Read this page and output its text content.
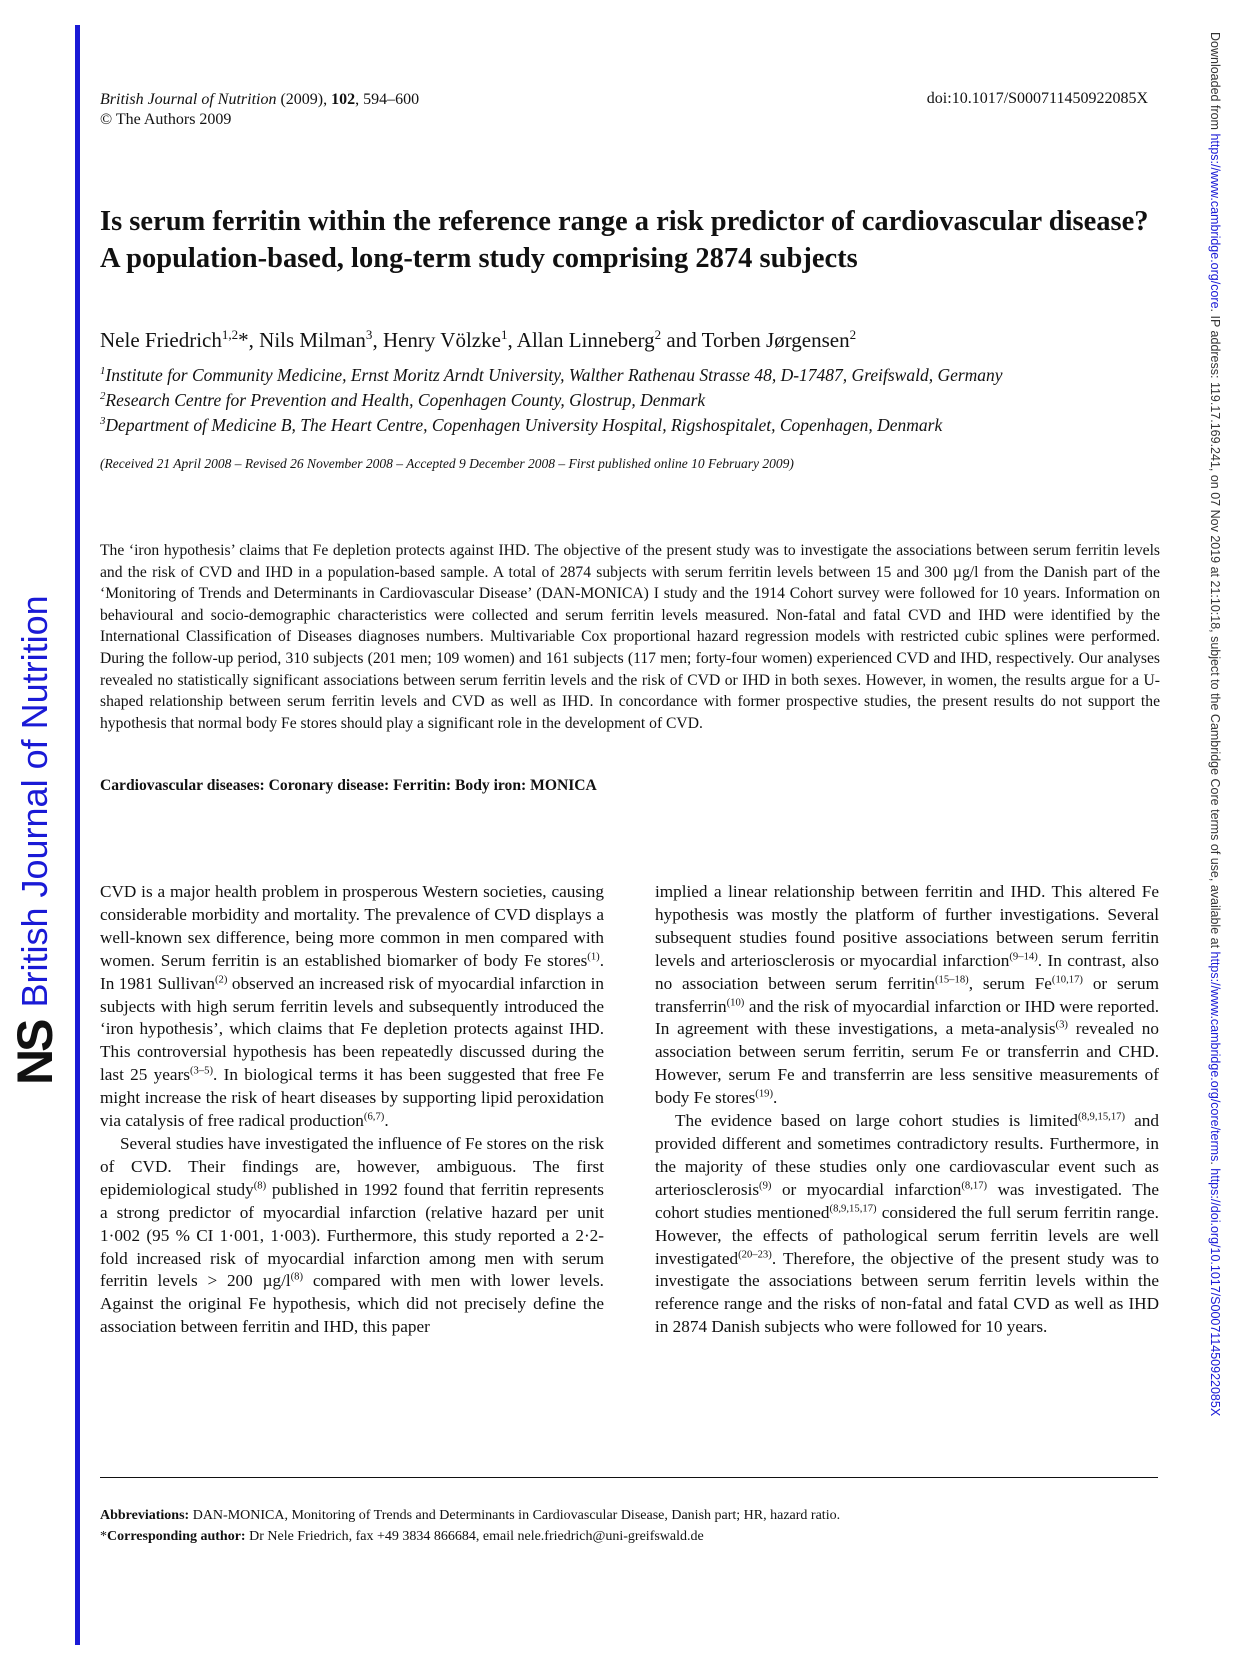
NS
British Journal of Nutrition
Downloaded from https://www.cambridge.org/core. IP address: 119.17.169.241, on 07 Nov 2019 at 21:10:18, subject to the Cambridge Core terms of use, available at https://www.cambridge.org/core/terms. https://doi.org/10.1017/S000711450922085X
British Journal of Nutrition (2009), 102, 594–600
© The Authors 2009
doi:10.1017/S000711450922085X
Is serum ferritin within the reference range a risk predictor of cardiovascular disease? A population-based, long-term study comprising 2874 subjects
Nele Friedrich$^{1,2}$*, Nils Milman$^3$, Henry Völzke$^1$, Allan Linneberg$^2$ and Torben Jørgensen$^2$
$^1$Institute for Community Medicine, Ernst Moritz Arndt University, Walther Rathenau Strasse 48, D-17487, Greifswald, Germany
$^2$Research Centre for Prevention and Health, Copenhagen County, Glostrup, Denmark
$^3$Department of Medicine B, The Heart Centre, Copenhagen University Hospital, Rigshospitalet, Copenhagen, Denmark
(Received 21 April 2008 – Revised 26 November 2008 – Accepted 9 December 2008 – First published online 10 February 2009)
The ‘iron hypothesis’ claims that Fe depletion protects against IHD. The objective of the present study was to investigate the associations between serum ferritin levels and the risk of CVD and IHD in a population-based sample. A total of 2874 subjects with serum ferritin levels between 15 and 300 µg/l from the Danish part of the ‘Monitoring of Trends and Determinants in Cardiovascular Disease’ (DAN-MONICA) I study and the 1914 Cohort survey were followed for 10 years. Information on behavioural and socio-demographic characteristics were collected and serum ferritin levels measured. Non-fatal and fatal CVD and IHD were identified by the International Classification of Diseases diagnoses numbers. Multivariable Cox proportional hazard regression models with restricted cubic splines were performed. During the follow-up period, 310 subjects (201 men; 109 women) and 161 subjects (117 men; forty-four women) experienced CVD and IHD, respectively. Our analyses revealed no statistically significant associations between serum ferritin levels and the risk of CVD or IHD in both sexes. However, in women, the results argue for a U-shaped relationship between serum ferritin levels and CVD as well as IHD. In concordance with former prospective studies, the present results do not support the hypothesis that normal body Fe stores should play a significant role in the development of CVD.
Cardiovascular diseases: Coronary disease: Ferritin: Body iron: MONICA

CVD is a major health problem in prosperous Western societies, causing considerable morbidity and mortality. The prevalence of CVD displays a well-known sex difference, being more common in men compared with women. Serum ferritin is an established biomarker of body Fe stores$^{(1)}$. In 1981 Sullivan$^{(2)}$ observed an increased risk of myocardial infarction in subjects with high serum ferritin levels and subsequently introduced the ‘iron hypothesis’, which claims that Fe depletion protects against IHD. This controversial hypothesis has been repeatedly discussed during the last 25 years$^{(3-5)}$. In biological terms it has been suggested that free Fe might increase the risk of heart diseases by supporting lipid peroxidation via catalysis of free radical production$^{(6,7)}$.

Several studies have investigated the influence of Fe stores on the risk of CVD. Their findings are, however, ambiguous. The first epidemiological study$^{(8)}$ published in 1992 found that ferritin represents a strong predictor of myocardial infarction (relative hazard per unit 1·002 (95 % CI 1·001, 1·003). Furthermore, this study reported a 2·2-fold increased risk of myocardial infarction among men with serum ferritin levels > 200 $\mu g/l^{(8)}$ compared with men with lower levels. Against the original Fe hypothesis, which did not precisely define the association between ferritin and IHD, this paper

implied a linear relationship between ferritin and IHD. This altered Fe hypothesis was mostly the platform of further investigations. Several subsequent studies found positive associations between serum ferritin levels and arteriosclerosis or myocardial infarction$^{(9-14)}$. In contrast, also no association between serum ferritin$^{(15-18)}$, serum Fe$^{(10,17)}$ or serum transferrin$^{(10)}$ and the risk of myocardial infarction or IHD were reported. In agreement with these investigations, a meta-analysis$^{(3)}$ revealed no association between serum ferritin, serum Fe or transferrin and CHD. However, serum Fe and transferrin are less sensitive measurements of body Fe stores$^{(19)}$.

The evidence based on large cohort studies is limited$^{(8,9,15,17)}$ and provided different and sometimes contradictory results. Furthermore, in the majority of these studies only one cardiovascular event such as arteriosclerosis$^{(9)}$ or myocardial infarction$^{(8,17)}$ was investigated. The cohort studies mentioned$^{(8,9,15,17)}$ considered the full serum ferritin range. However, the effects of pathological serum ferritin levels are well investigated$^{(20-23)}$. Therefore, the objective of the present study was to investigate the associations between serum ferritin levels within the reference range and the risks of non-fatal and fatal CVD as well as IHD in 2874 Danish subjects who were followed for 10 years.

Abbreviations: DAN-MONICA, Monitoring of Trends and Determinants in Cardiovascular Disease, Danish part; HR, hazard ratio.
*Corresponding author: Dr Nele Friedrich, fax +49 3834 866684, email nele.friedrich@uni-greifswald.de
